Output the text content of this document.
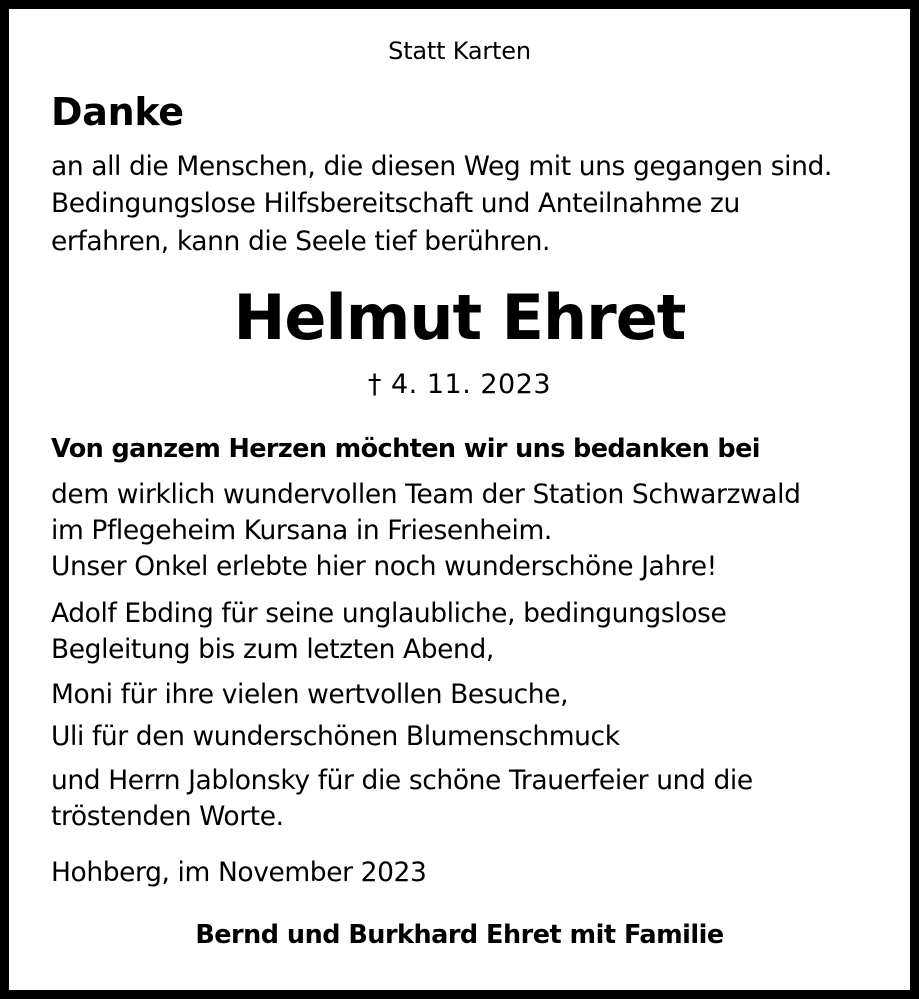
Statt Karten

Danke

an all die Menschen, die diesen Weg mit uns gegangen sind.

Bedingungslose Hilfsbereitschaft und Anteilnahme zu

erfahren, kann die Seele tief berühren.

Helmut Ehret

† 4. 11. 2023

Von ganzem Herzen möchten wir uns bedanken bei

dem wirklich wundervollen Team der Station Schwarzwald

im Pflegeheim Kursana in Friesenheim.

Unser Onkel erlebte hier noch wunderschöne Jahre!

Adolf Ebding für seine unglaubliche, bedingungslose

Begleitung bis zum letzten Abend,

Moni für ihre vielen wertvollen Besuche,

Uli für den wunderschönen Blumenschmuck

und Herrn Jablonsky für die schöne Trauerfeier und die

tröstenden Worte.

Hohberg, im November 2023

Bernd und Burkhard Ehret mit Familie
